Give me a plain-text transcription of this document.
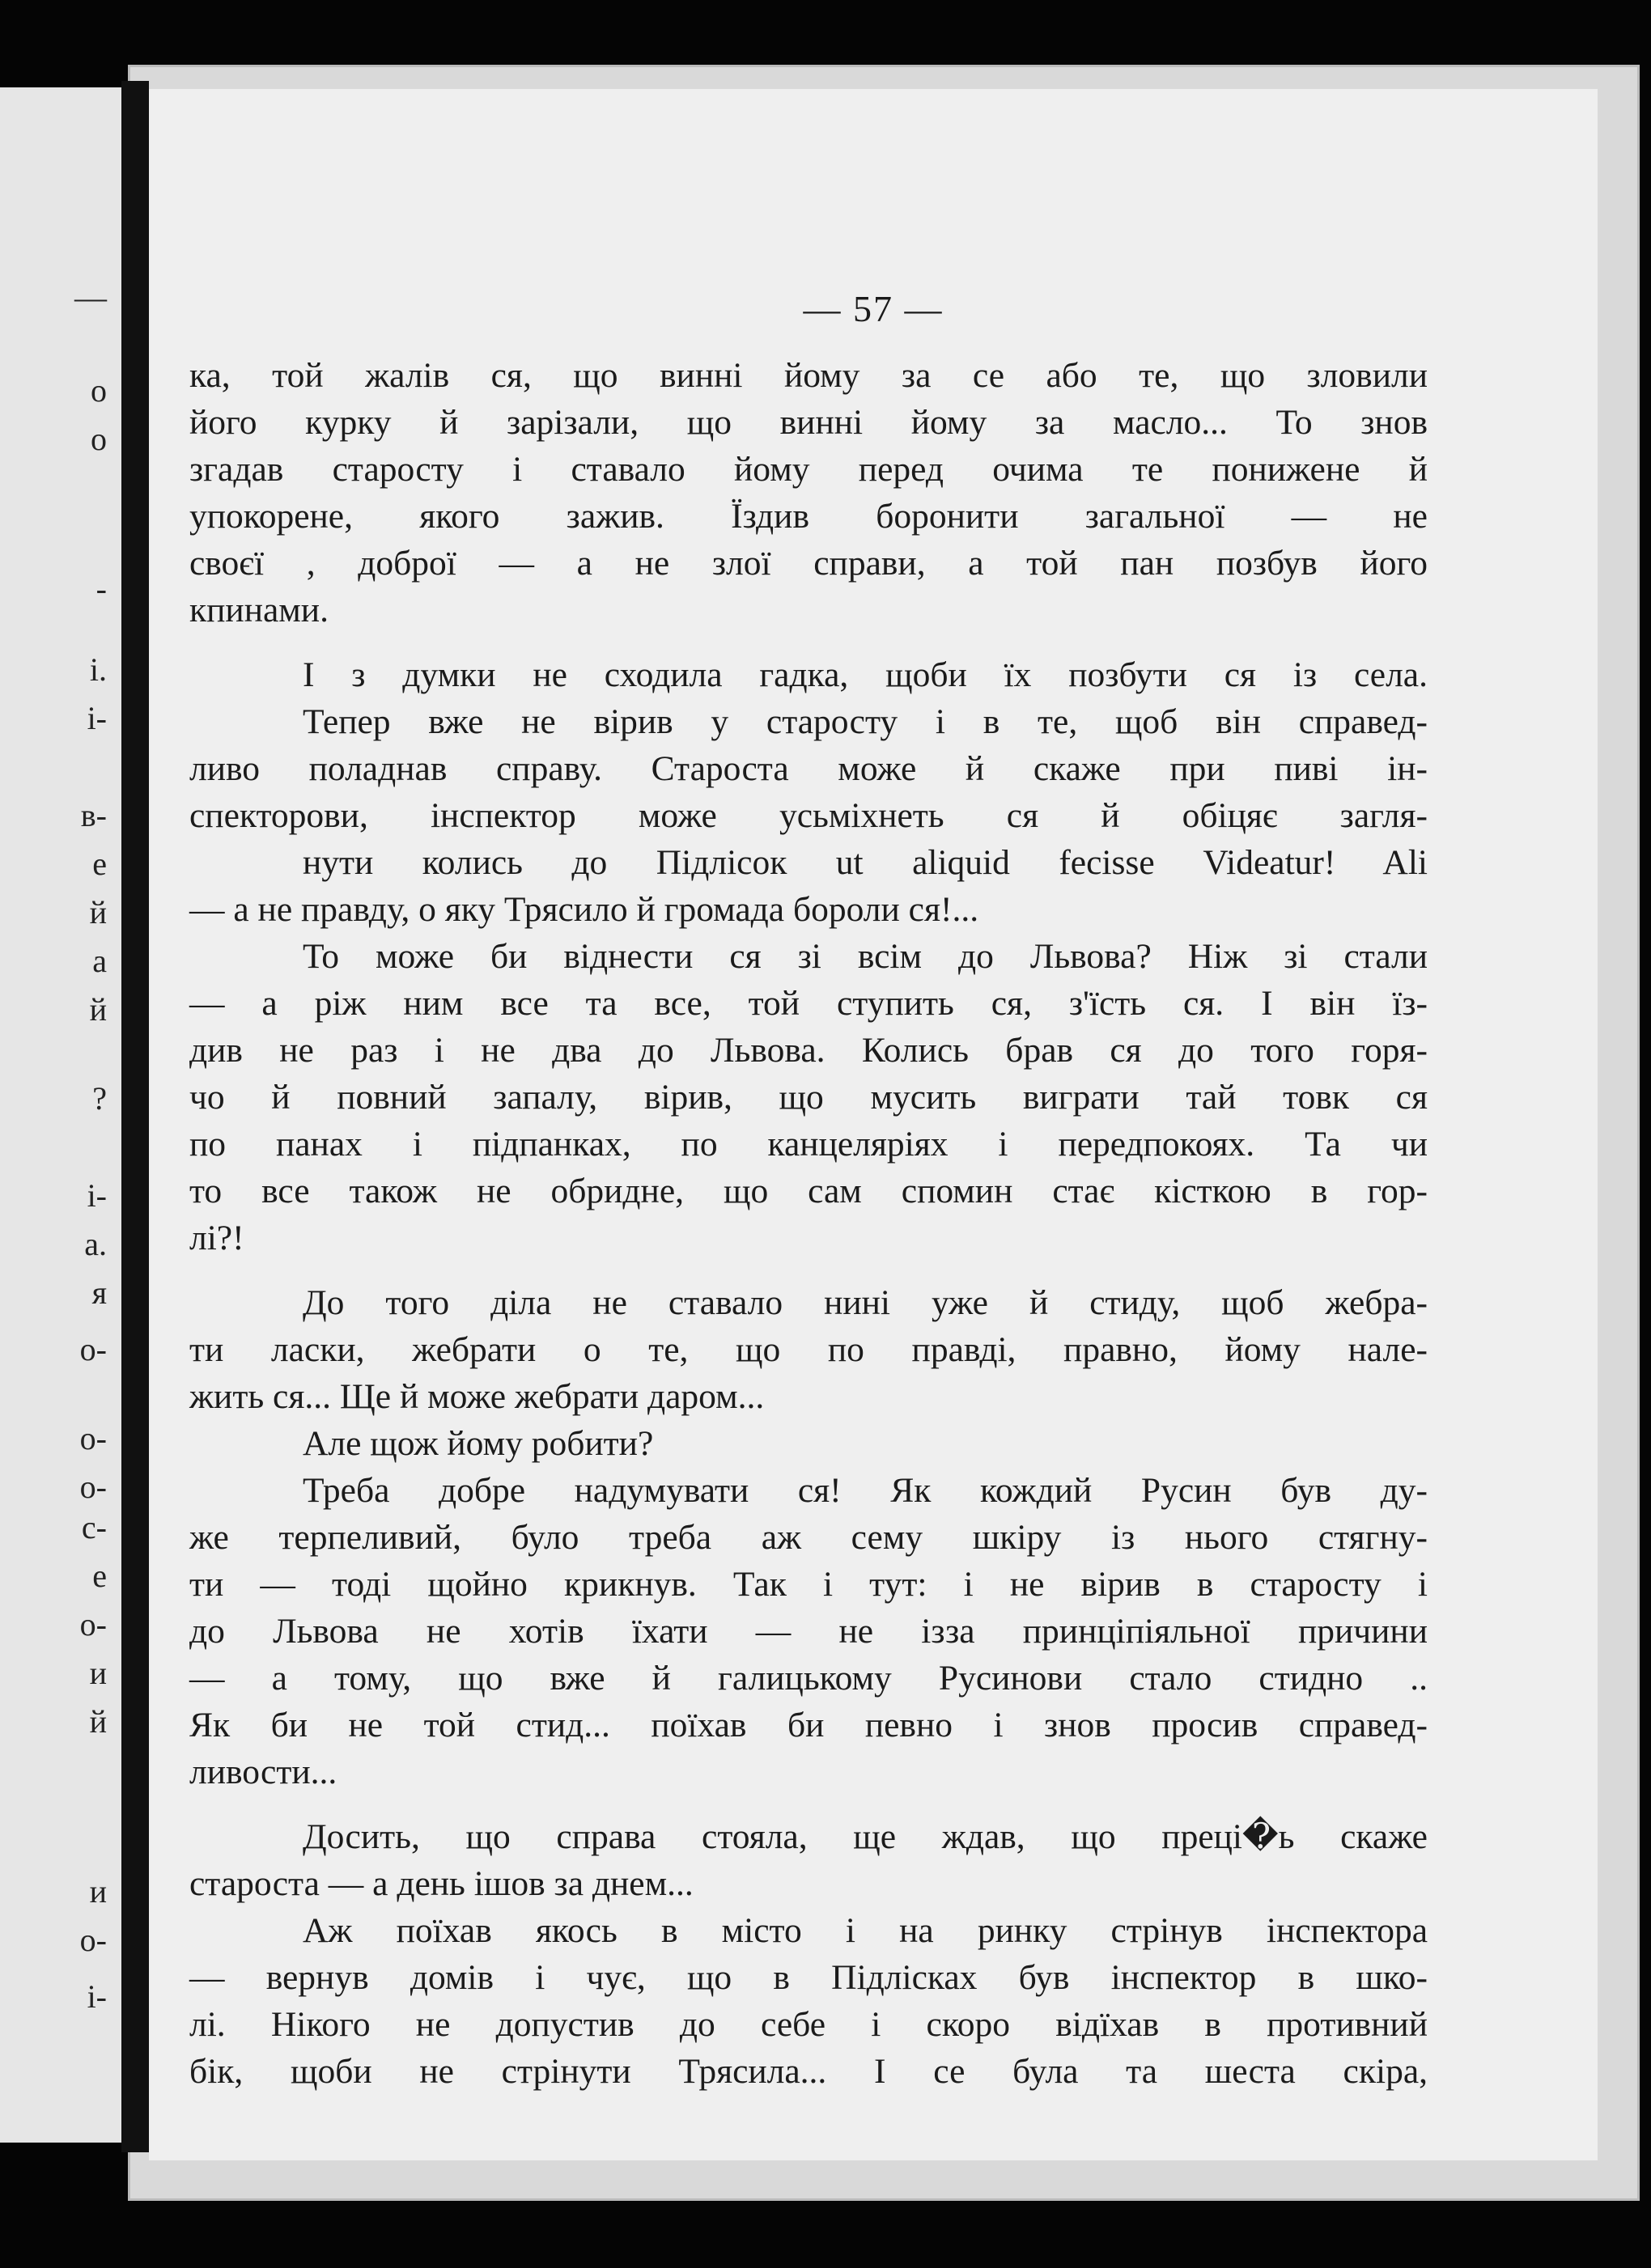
—
о
о
-
і.
і-
в-
е
й
а
й
?
і-
а.
я
о-
о-
о-
с-
е
о-
и
й
и
о-
і-
— 57 —
ка, той жалів ся, що винні йому за се або те, що зловили
його курку й зарізали, що винні йому за масло... То знов
згадав старосту і ставало йому перед очима те понижене й
упокорене, якого зажив. Їздив боронити загальної — не
своєї , доброї — а не злої справи, а той пан позбув його
кпинами.
І з думки не сходила гадка, щоби їх позбути ся із села.
Тепер вже не вірив у старосту і в те, щоб він справед-
ливо поладнав справу. Староста може й скаже при пиві ін-
спекторови, інспектор може усьміхнеть ся й обіцяє загля-
нути колись до Підлісок ut aliquid fecisse Videatur! Ali
— а не правду, о яку Трясило й громада бороли ся!...
То може би віднести ся зі всім до Львова? Ніж зі стали
— а ріж ним все та все, той ступить ся, з'їсть ся. І він їз-
див не раз і не два до Львова. Колись брав ся до того горя-
чо й повний запалу, вірив, що мусить виграти тай товк ся
по панах і підпанках, по канцеляріях і передпокоях. Та чи
то все також не обридне, що сам спомин стає кісткою в гор-
лі?!
До того діла не ставало нині уже й стиду, щоб жебра-
ти ласки, жебрати о те, що по правді, правно, йому нале-
жить ся... Ще й може жебрати даром...
Але щож йому робити?
Треба добре надумувати ся! Як кождий Русин був ду-
же терпеливий, було треба аж сему шкіру із нього стягну-
ти — тоді щойно крикнув. Так і тут: і не вірив в старосту і
до Львова не хотів їхати — не ізза принціпіяльної причини
— а тому, що вже й галицькому Русинови стало стидно ..
Як би не той стид... поїхав би певно і знов просив справед-
ливости...
Досить, що справа стояла, ще ждав, що преці�ь скаже
староста — а день ішов за днем...
Аж поїхав якось в місто і на ринку стрінув інспектора
— вернув домів і чує, що в Підлісках був інспектор в шко-
лі. Нікого не допустив до себе і скоро відїхав в противний
бік, щоби не стрінути Трясила... І се була та шеста скіра,
